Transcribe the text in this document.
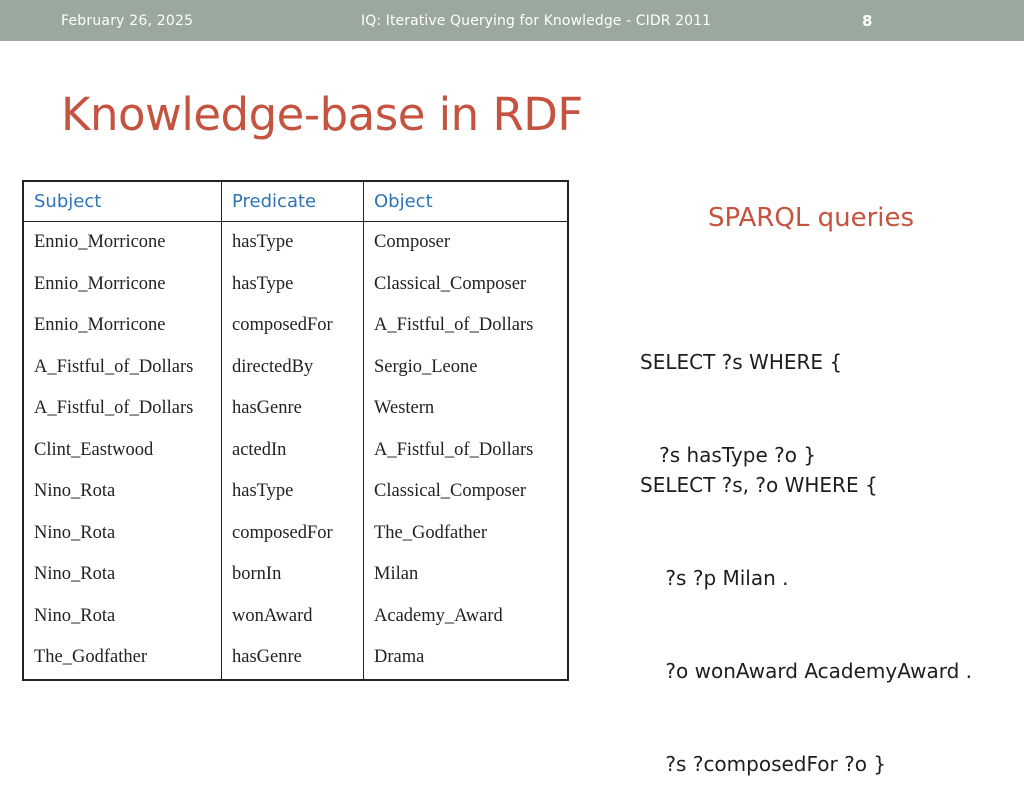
February 26, 2025	IQ: Iterative Querying for Knowledge - CIDR 2011	8
Knowledge-base in RDF
Subject	Predicate	Object
Ennio_Morricone	hasType	Composer
Ennio_Morricone	hasType	Classical_Composer
Ennio_Morricone	composedFor	A_Fistful_of_Dollars
A_Fistful_of_Dollars	directedBy	Sergio_Leone
A_Fistful_of_Dollars	hasGenre	Western
Clint_Eastwood	actedIn	A_Fistful_of_Dollars
Nino_Rota	hasType	Classical_Composer
Nino_Rota	composedFor	The_Godfather
Nino_Rota	bornIn	Milan
Nino_Rota	wonAward	Academy_Award
The_Godfather	hasGenre	Drama
SPARQL queries

SELECT ?s WHERE {

?s hasType ?o }

SELECT ?s, ?o WHERE {

?s ?p Milan .

?o wonAward AcademyAward .

?s ?composedFor ?o }
